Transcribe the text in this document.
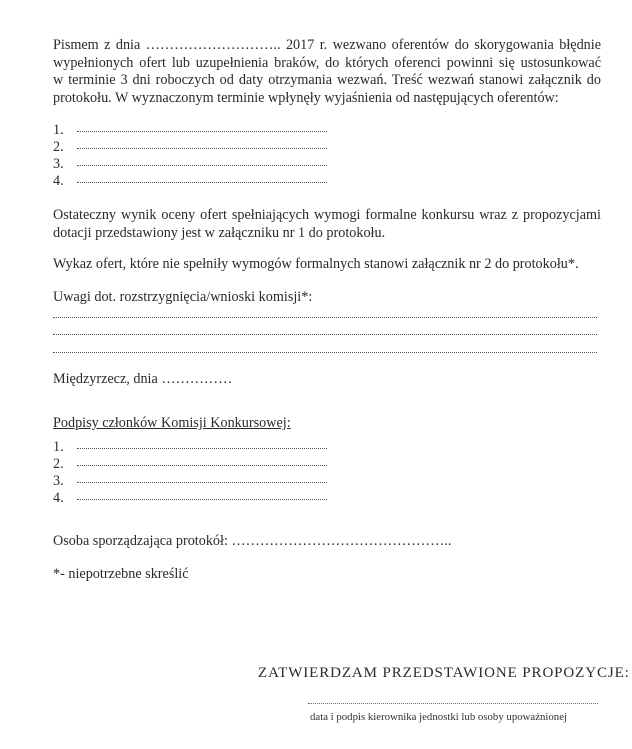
Pismem z dnia ……………………….. 2017 r. wezwano oferentów do skorygowania błędnie
wypełnionych ofert lub uzupełnienia braków, do których oferenci powinni się ustosunkować
w terminie 3 dni roboczych od daty otrzymania wezwań. Treść wezwań stanowi załącznik do
protokołu. W wyznaczonym terminie wpłynęły wyjaśnienia od następujących oferentów:
1.
2.
3.
4.
Ostateczny wynik oceny ofert spełniających wymogi formalne konkursu wraz z propozycjami
dotacji przedstawiony jest w załączniku nr 1 do protokołu.
Wykaz ofert, które nie spełniły wymogów formalnych stanowi załącznik nr 2 do protokołu*.
Uwagi dot. rozstrzygnięcia/wnioski komisji*:
Międzyrzecz, dnia ……………
Podpisy członków Komisji Konkursowej:
1.
2.
3.
4.
Osoba sporządzająca protokół: ………………………………………..
*- niepotrzebne skreślić
ZATWIERDZAM PRZEDSTAWIONE PROPOZYCJE:
data i podpis kierownika jednostki lub osoby upoważnionej
